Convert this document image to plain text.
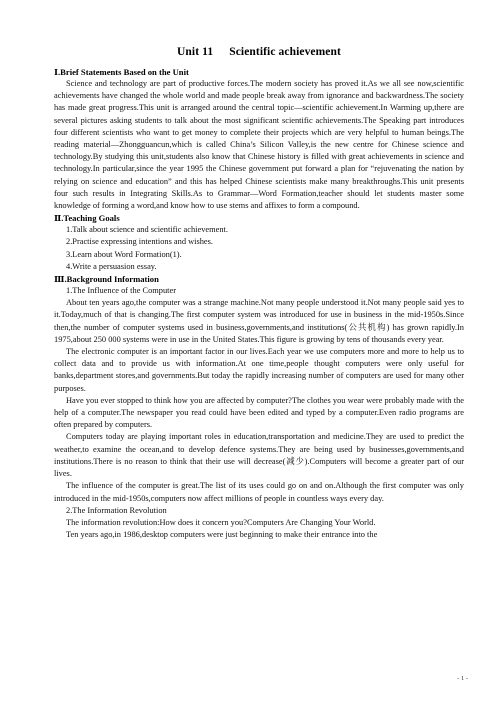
Unit 11 Scientific achievement
Ⅰ.Brief Statements Based on the Unit

Science and technology are part of productive forces.The modern society has proved it.As we all see now,scientific achievements have changed the whole world and made people break away from ignorance and backwardness.The society has made great progress.This unit is arranged around the central topic—scientific achievement.In Warming up,there are several pictures asking students to talk about the most significant scientific achievements.The Speaking part introduces four different scientists who want to get money to complete their projects which are very helpful to human beings.The reading material—Zhongguancun,which is called China’s Silicon Valley,is the new centre for Chinese science and technology.By studying this unit,students also know that Chinese history is filled with great achievements in science and technology.In particular,since the year 1995 the Chinese government put forward a plan for “rejuvenating the nation by relying on science and education” and this has helped Chinese scientists make many breakthroughs.This unit presents four such results in Integrating Skills.As to Grammar—Word Formation,teacher should let students master some knowledge of forming a word,and know how to use stems and affixes to form a compound.

Ⅱ.Teaching Goals

1.Talk about science and scientific achievement.

2.Practise expressing intentions and wishes.

3.Learn about Word Formation(1).

4.Write a persuasion essay.

Ⅲ.Background Information

1.The Influence of the Computer

About ten years ago,the computer was a strange machine.Not many people understood it.Not many people said yes to it.Today,much of that is changing.The first computer system was introduced for use in business in the mid-1950s.Since then,the number of computer systems used in business,governments,and institutions(公共机构) has grown rapidly.In 1975,about 250 000 systems were in use in the United States.This figure is growing by tens of thousands every year.

The electronic computer is an important factor in our lives.Each year we use computers more and more to help us to collect data and to provide us with information.At one time,people thought computers were only useful for banks,department stores,and governments.But today the rapidly increasing number of computers are used for many other purposes.

Have you ever stopped to think how you are affected by computer?The clothes you wear were probably made with the help of a computer.The newspaper you read could have been edited and typed by a computer.Even radio programs are often prepared by computers.

Computers today are playing important roles in education,transportation and medicine.They are used to predict the weather,to examine the ocean,and to develop defence systems.They are being used by businesses,governments,and institutions.There is no reason to think that their use will decrease(减少).Computers will become a greater part of our lives.

The influence of the computer is great.The list of its uses could go on and on.Although the first computer was only introduced in the mid-1950s,computers now affect millions of people in countless ways every day.

2.The Information Revolution

The information revolution:How does it concern you?Computers Are Changing Your World.

Ten years ago,in 1986,desktop computers were just beginning to make their entrance into the

- 1 -
